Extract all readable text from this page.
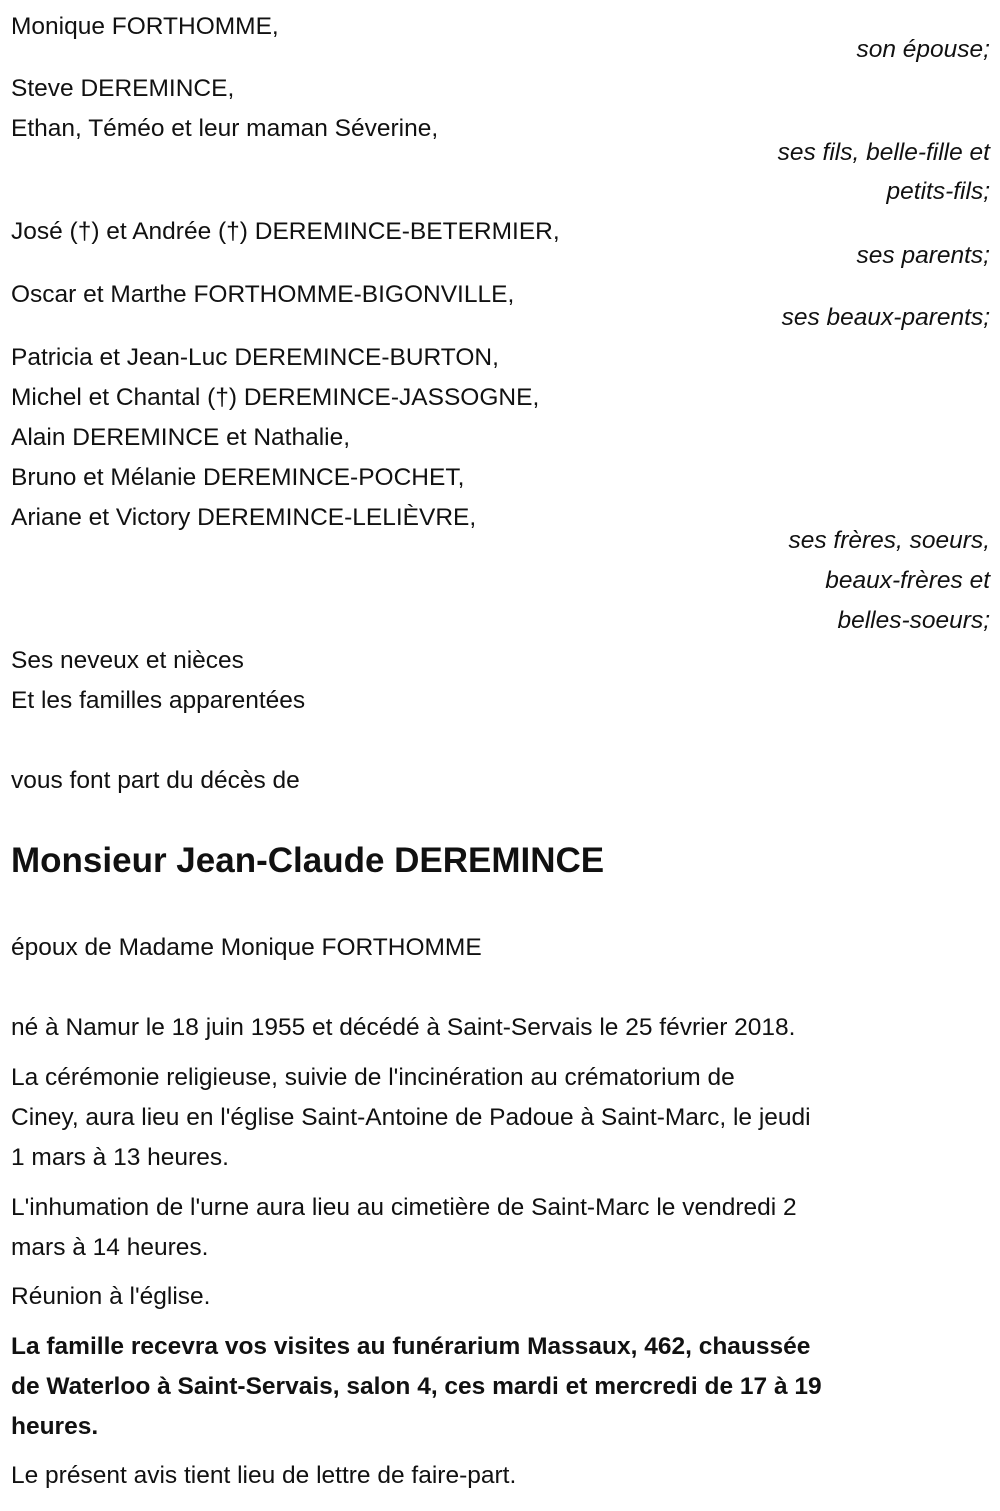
Monique FORTHOMME,
son épouse;
Steve DEREMINCE,
Ethan, Téméo et leur maman Séverine,
ses fils, belle-fille et
petits-fils;
José (†) et Andrée (†) DEREMINCE-BETERMIER,
ses parents;
Oscar et Marthe FORTHOMME-BIGONVILLE,
ses beaux-parents;
Patricia et Jean-Luc DEREMINCE-BURTON,
Michel et Chantal (†) DEREMINCE-JASSOGNE,
Alain DEREMINCE et Nathalie,
Bruno et Mélanie DEREMINCE-POCHET,
Ariane et Victory DEREMINCE-LELIÈVRE,
ses frères, soeurs,
beaux-frères et
belles-soeurs;
Ses neveux et nièces
Et les familles apparentées
vous font part du décès de
Monsieur Jean-Claude DEREMINCE
époux de Madame Monique FORTHOMME
né à Namur le 18 juin 1955 et décédé à Saint-Servais le 25 février 2018.
La cérémonie religieuse, suivie de l'incinération au crématorium de
Ciney, aura lieu en l'église Saint-Antoine de Padoue à Saint-Marc, le jeudi
1 mars à 13 heures.
L'inhumation de l'urne aura lieu au cimetière de Saint-Marc le vendredi 2
mars à 14 heures.
Réunion à l'église.
La famille recevra vos visites au funérarium Massaux, 462, chaussée
de Waterloo à Saint-Servais, salon 4, ces mardi et mercredi de 17 à 19
heures.
Le présent avis tient lieu de lettre de faire-part.
